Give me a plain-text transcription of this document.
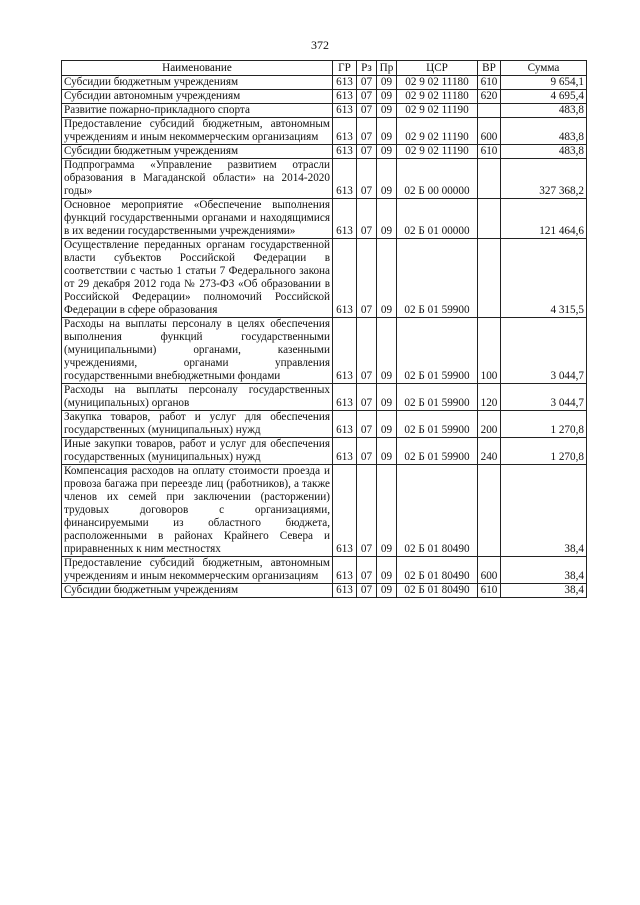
372
Наименование	ГР	Рз	Пр	ЦСР	ВР	Сумма
Субсидии бюджетным учреждениям	613	07	09	02 9 02 11180	610	9 654,1
Субсидии автономным учреждениям	613	07	09	02 9 02 11180	620	4 695,4
Развитие пожарно-прикладного спорта	613	07	09	02 9 02 11190		483,8
Предоставление субсидий бюджетным, автономным учреждениям и иным некоммерческим организациям	613	07	09	02 9 02 11190	600	483,8
Субсидии бюджетным учреждениям	613	07	09	02 9 02 11190	610	483,8
Подпрограмма «Управление развитием отрасли образования в Магаданской области» на 2014-2020 годы»	613	07	09	02 Б 00 00000		327 368,2
Основное мероприятие «Обеспечение выполнения функций государственными органами и находящимися в их ведении государственными учреждениями»	613	07	09	02 Б 01 00000		121 464,6
Осуществление переданных органам государственной власти субъектов Российской Федерации в соответствии с частью 1 статьи 7 Федерального закона от 29 декабря 2012 года № 273-ФЗ «Об образовании в Российской Федерации» полномочий Российской Федерации в сфере образования	613	07	09	02 Б 01 59900		4 315,5
Расходы на выплаты персоналу в целях обеспечения выполнения функций государственными (муниципальными) органами, казенными учреждениями, органами управления государственными внебюджетными фондами	613	07	09	02 Б 01 59900	100	3 044,7
Расходы на выплаты персоналу государственных (муниципальных) органов	613	07	09	02 Б 01 59900	120	3 044,7
Закупка товаров, работ и услуг для обеспечения государственных (муниципальных) нужд	613	07	09	02 Б 01 59900	200	1 270,8
Иные закупки товаров, работ и услуг для обеспечения государственных (муниципальных) нужд	613	07	09	02 Б 01 59900	240	1 270,8
Компенсация расходов на оплату стоимости проезда и провоза багажа при переезде лиц (работников), а также членов их семей при заключении (расторжении) трудовых договоров с организациями, финансируемыми из областного бюджета, расположенными в районах Крайнего Севера и приравненных к ним местностях	613	07	09	02 Б 01 80490		38,4
Предоставление субсидий бюджетным, автономным учреждениям и иным некоммерческим организациям	613	07	09	02 Б 01 80490	600	38,4
Субсидии бюджетным учреждениям	613	07	09	02 Б 01 80490	610	38,4
